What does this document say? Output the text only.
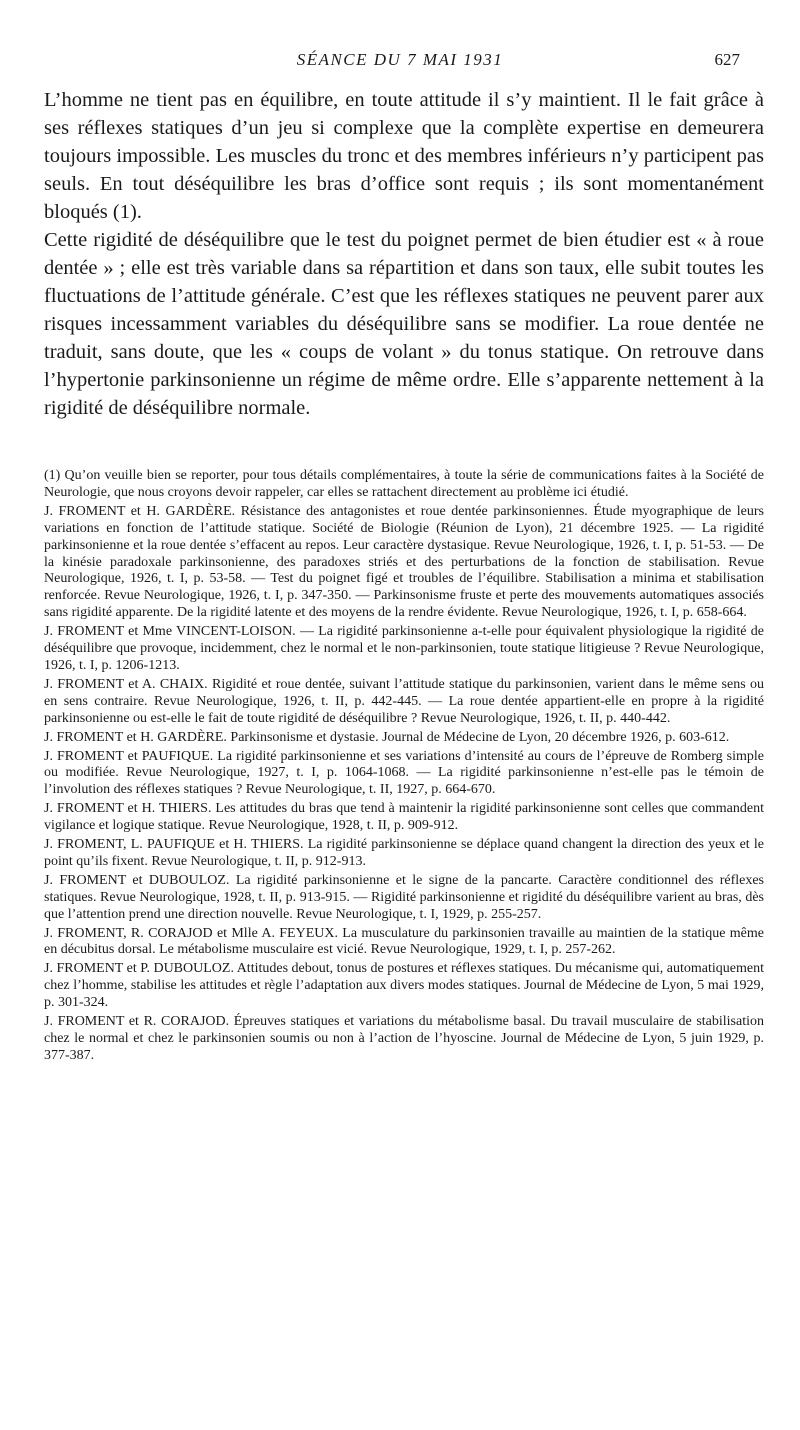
SÉANCE DU 7 MAI 1931	627

L’homme ne tient pas en équilibre, en toute attitude il s’y maintient. Il le fait grâce à ses réflexes statiques d’un jeu si complexe que la complète expertise en demeurera toujours impossible. Les muscles du tronc et des membres inférieurs n’y participent pas seuls. En tout déséquilibre les bras d’office sont requis ; ils sont momentanément bloqués (1).

Cette rigidité de déséquilibre que le test du poignet permet de bien étudier est « à roue dentée » ; elle est très variable dans sa répartition et dans son taux, elle subit toutes les fluctuations de l’attitude générale. C’est que les réflexes statiques ne peuvent parer aux risques incessamment variables du déséquilibre sans se modifier. La roue dentée ne traduit, sans doute, que les « coups de volant » du tonus statique. On retrouve dans l’hypertonie parkinsonienne un régime de même ordre. Elle s’apparente nettement à la rigidité de déséquilibre normale.

(1) Qu’on veuille bien se reporter, pour tous détails complémentaires, à toute la série de communications faites à la Société de Neurologie, que nous croyons devoir rappeler, car elles se rattachent directement au problème ici étudié.

J. FROMENT et H. GARDÈRE. Résistance des antagonistes et roue dentée parkinsoniennes. Étude myographique de leurs variations en fonction de l’attitude statique. Société de Biologie (Réunion de Lyon), 21 décembre 1925. — La rigidité parkinsonienne et la roue dentée s’effacent au repos. Leur caractère dystasique. Revue Neurologique, 1926, t. I, p. 51-53. — De la kinésie paradoxale parkinsonienne, des paradoxes striés et des perturbations de la fonction de stabilisation. Revue Neurologique, 1926, t. I, p. 53-58. — Test du poignet figé et troubles de l’équilibre. Stabilisation a minima et stabilisation renforcée. Revue Neurologique, 1926, t. I, p. 347-350. — Parkinsonisme fruste et perte des mouvements automatiques associés sans rigidité apparente. De la rigidité latente et des moyens de la rendre évidente. Revue Neurologique, 1926, t. I, p. 658-664.

J. FROMENT et Mme VINCENT-LOISON. — La rigidité parkinsonienne a-t-elle pour équivalent physiologique la rigidité de déséquilibre que provoque, incidemment, chez le normal et le non-parkinsonien, toute statique litigieuse ? Revue Neurologique, 1926, t. I, p. 1206-1213.

J. FROMENT et A. CHAIX. Rigidité et roue dentée, suivant l’attitude statique du parkinsonien, varient dans le même sens ou en sens contraire. Revue Neurologique, 1926, t. II, p. 442-445. — La roue dentée appartient-elle en propre à la rigidité parkinsonienne ou est-elle le fait de toute rigidité de déséquilibre ? Revue Neurologique, 1926, t. II, p. 440-442.

J. FROMENT et H. GARDÈRE. Parkinsonisme et dystasie. Journal de Médecine de Lyon, 20 décembre 1926, p. 603-612.

J. FROMENT et PAUFIQUE. La rigidité parkinsonienne et ses variations d’intensité au cours de l’épreuve de Romberg simple ou modifiée. Revue Neurologique, 1927, t. I, p. 1064-1068. — La rigidité parkinsonienne n’est-elle pas le témoin de l’involution des réflexes statiques ? Revue Neurologique, t. II, 1927, p. 664-670.

J. FROMENT et H. THIERS. Les attitudes du bras que tend à maintenir la rigidité parkinsonienne sont celles que commandent vigilance et logique statique. Revue Neurologique, 1928, t. II, p. 909-912.

J. FROMENT, L. PAUFIQUE et H. THIERS. La rigidité parkinsonienne se déplace quand changent la direction des yeux et le point qu’ils fixent. Revue Neurologique, t. II, p. 912-913.

J. FROMENT et DUBOULOZ. La rigidité parkinsonienne et le signe de la pancarte. Caractère conditionnel des réflexes statiques. Revue Neurologique, 1928, t. II, p. 913-915. — Rigidité parkinsonienne et rigidité du déséquilibre varient au bras, dès que l’attention prend une direction nouvelle. Revue Neurologique, t. I, 1929, p. 255-257.

J. FROMENT, R. CORAJOD et Mlle A. FEYEUX. La musculature du parkinsonien travaille au maintien de la statique même en décubitus dorsal. Le métabolisme musculaire est vicié. Revue Neurologique, 1929, t. I, p. 257-262.

J. FROMENT et P. DUBOULOZ. Attitudes debout, tonus de postures et réflexes statiques. Du mécanisme qui, automatiquement chez l’homme, stabilise les attitudes et règle l’adaptation aux divers modes statiques. Journal de Médecine de Lyon, 5 mai 1929, p. 301-324.

J. FROMENT et R. CORAJOD. Épreuves statiques et variations du métabolisme basal. Du travail musculaire de stabilisation chez le normal et chez le parkinsonien soumis ou non à l’action de l’hyoscine. Journal de Médecine de Lyon, 5 juin 1929, p. 377-387.
